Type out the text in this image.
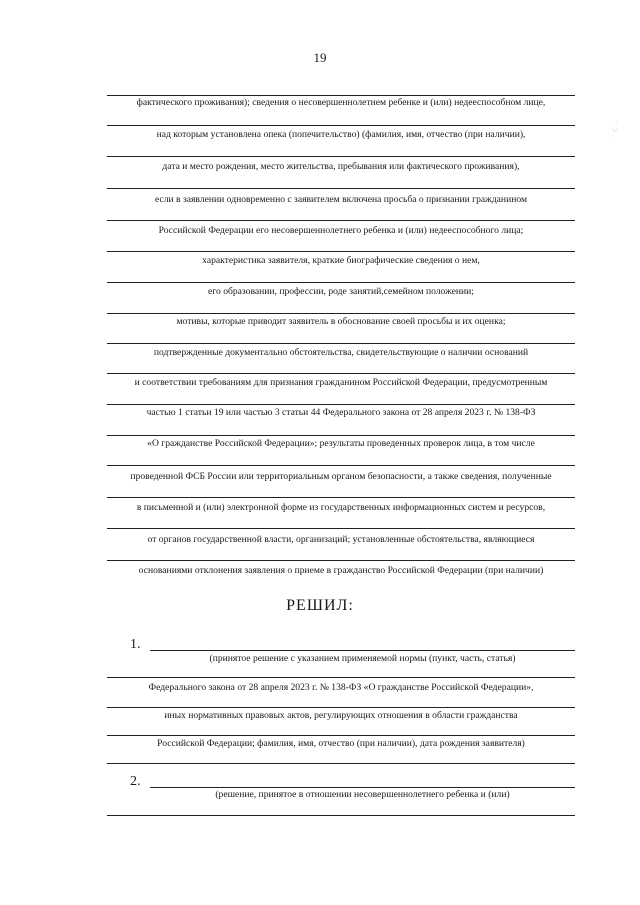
19
· ·
·,·
·
фактического проживания); сведения о несовершеннолетнем ребенке и (или) недееспособном лице,
над которым установлена опека (попечительство) (фамилия, имя, отчество (при наличии),
дата и место рождения, место жительства, пребывания или фактического проживания),
если в заявлении одновременно с заявителем включена просьба о признании гражданином
Российской Федерации его несовершеннолетнего ребенка и (или) недееспособного лица;
характеристика заявителя, краткие биографические сведения о нем,
его образовании, профессии, роде занятий,семейном положении;
мотивы, которые приводит заявитель в обоснование своей просьбы и их оценка;
подтвержденные документально обстоятельства, свидетельствующие о наличии оснований
и соответствии требованиям для признания гражданином Российской Федерации, предусмотренным
частью 1 статьи 19 или частью 3 статьи 44 Федерального закона от 28 апреля 2023 г. № 138-ФЗ
«О гражданстве Российской Федерации»; результаты проведенных проверок лица, в том числе
проведенной ФСБ России или территориальным органом безопасности, а также сведения, полученные
в письменной и (или) электронной форме из государственных информационных систем и ресурсов,
от органов государственной власти, организаций; установленные обстоятельства, являющиеся
основаниями отклонения заявления о приеме в гражданство Российской Федерации (при наличии)
РЕШИЛ:
1.
(принятое решение с указанием применяемой нормы (пункт, часть, статья)
Федерального закона от 28 апреля 2023 г. № 138-ФЗ «О гражданстве Российской Федерации»,
иных нормативных правовых актов, регулирующих отношения в области гражданства
Российской Федерации; фамилия, имя, отчество (при наличии), дата рождения заявителя)
2.
(решение, принятое в отношении несовершеннолетнего ребенка и (или)
